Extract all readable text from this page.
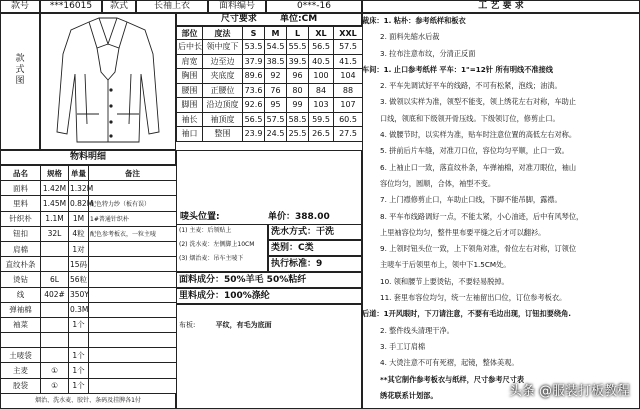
款号	***16015	款式	长袖上衣	面料编号	0***-16	工 艺 要 求
款式图
尺寸要求	单位:CM
部位	度法	S	M	L	XL	XXL
后中长	领中度下	53.5	54.5	55.5	56.5	57.5
肩宽	边至边	37.9	38.5	39.5	40.5	41.5
胸围	夹底度	89.6	92	96	100	104
腰围	正腰位	73.6	76	80	84	88
脚围	沿边顶度	92.6	95	99	103	107
袖长	袖顶度	56.5	57.5	58.5	59.5	60.5
袖口	整围	23.9	24.5	25.5	26.5	27.5
物料明细
品名	规格	单量	备注
面料	1.42M	1.32M	
里料	1.45M	0.82M	配色特力纱（板有误）
针织朴	1.1M	1M	1#普通针织朴
钮扣	32L	4粒	配色参考板衣，一粒主唛
肩棉		1对	
直纹朴条		15码	
烫钻	6L	56粒	
线	402#	350Y	
弹袖棉		0.3M	
袖菜		1个	

土唛袋		1个	
主麦	①	1个	
胶袋	①	1个	
烟治、洗水麦、胶针、条码及挂脾各1付
唛头位置:	单价：388.00
(1) 主麦：后领贴上
(2) 洗水麦：左侧脚上10CM
(3) 烟治麦：吊车主唛下
洗水方式：干洗
类别：C类
执行标准：9
面料成分：50%羊毛 50%粘纤
里料成分：100%涤纶
布板:	平纹，有毛为底面
裁床：1. 粘朴：参考纸样和板衣
2. 面料先缩水后裁
3. 拉布注意布纹，分清正反面
车间：1. 止口参考纸样 平车：1"=12针 所有明线不准接线
2. 平车先调试好平车的线路，不可有松紧，泡线；油渍。
3. 做领以实样为准，领型不能变，领上绣花左右对称，车助止
口线，领底和下级领开骨压线。下级领订位，修剪止口。
4. 做腰节时，以实样为准，贴车时注意位置的高低左右对称。
5. 拼前后片车缝，对准刀口位，容位均匀平顺，止口一致。
6. 上袖止口一致，落直纹朴条，车弹袖棉，对准刀眼位，袖山
容位均匀，圆顺，合体，袖型不变。
7. 上门襟修剪止口，车助止口线，下脚不能吊脚，露襟。
8. 平车布线路调好一点，不能太紧，小心油迹，后中有风琴位，
上里袖容位均匀，整件里布要平缝之后才可以翻衫。
9. 上领时钮头位一致，上下领角对准，骨位左右对称，订领位
主唛车于后领里布上，领中下1.5CM处。
10. 领和腰节上要烫钻，不要轻易脱掉。
11. 套里布容位均匀，统一左袖留出口位，订位参考板衣。
后道：1开风眼时，下刀请注意，不要有毛边出现，订钮扣要绕角.
2. 整件线头清理干净。
3. 手工订肩棉
4. 大烫注意不可有死褶，起镜，整体美观。
**其它制作参考板衣与纸样，尺寸参考尺寸表
绣花联系计划部。	头条 @服装打板教程
